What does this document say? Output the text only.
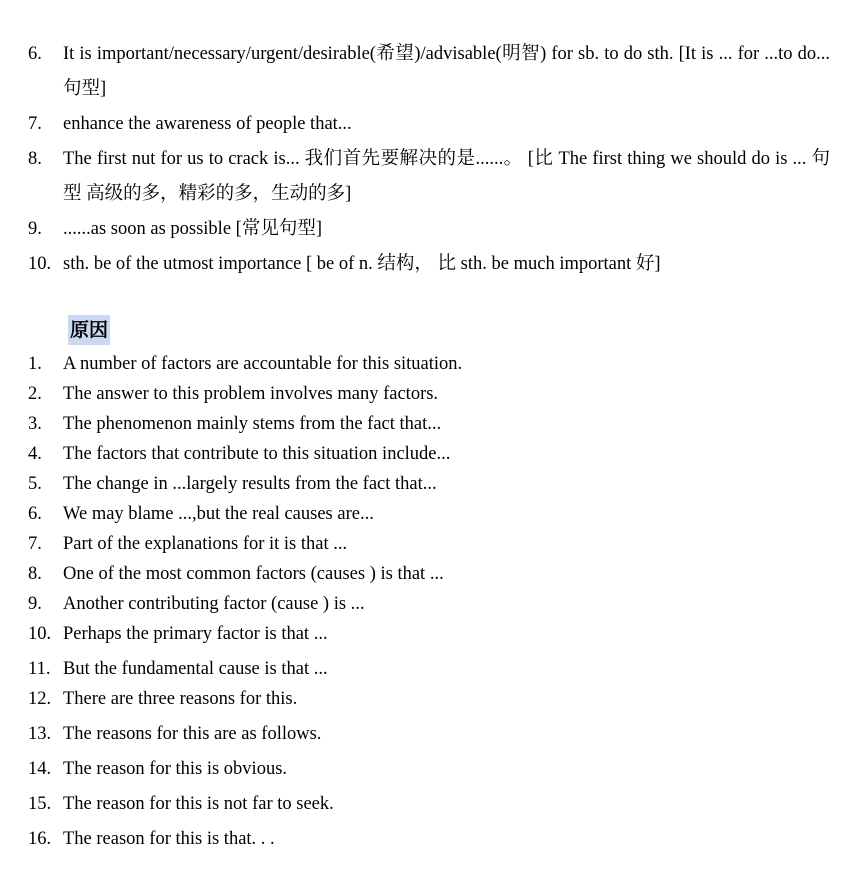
6. It is important/necessary/urgent/desirable(希望)/advisable(明智) for sb. to do sth. [It is ... for ...to do...句型]
7. enhance the awareness of people that...
8. The first nut for us to crack is... 我们首先要解决的是......。 [比 The first thing we should do is ... 句型 高级的多，精彩的多，生动的多]
9. ......as soon as possible [常见句型]
10. sth. be of the utmost importance [ be of n. 结构， 比 sth. be much important 好]
原因
1. A number of factors are accountable for this situation.
2. The answer to this problem involves many factors.
3. The phenomenon mainly stems from the fact that...
4. The factors that contribute to this situation include...
5. The change in ...largely results from the fact that...
6. We may blame ...,but the real causes are...
7. Part of the explanations for it is that ...
8. One of the most common factors (causes ) is that ...
9. Another contributing factor (cause ) is ...
10. Perhaps the primary factor is that ...
11. But the fundamental cause is that ...
12. There are three reasons for this.
13. The reasons for this are as follows.
14. The reason for this is obvious.
15. The reason for this is not far to seek.
16. The reason for this is that. . .
